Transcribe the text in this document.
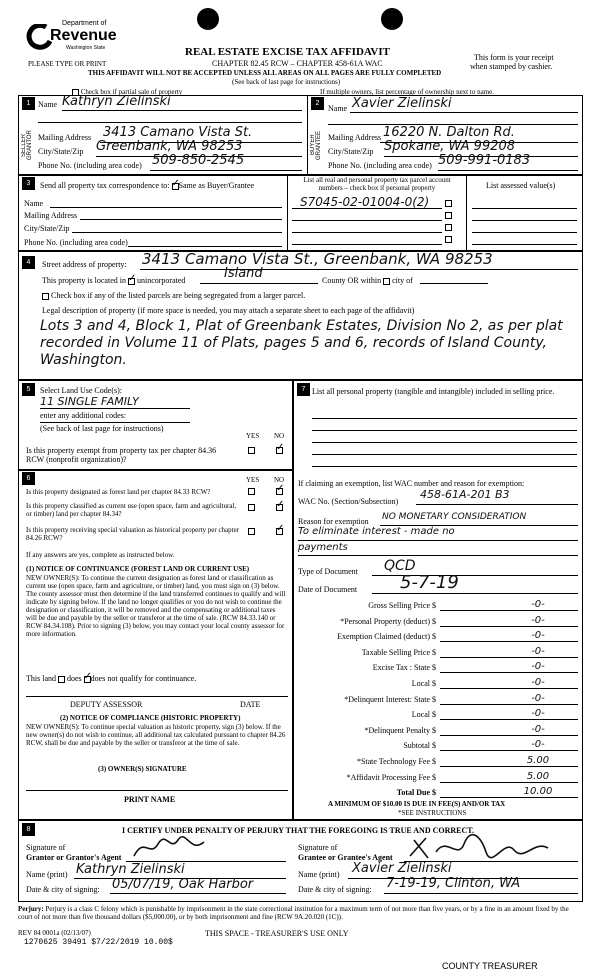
Department of
Revenue
Washington State
PLEASE TYPE OR PRINT
REAL ESTATE EXCISE TAX AFFIDAVIT
CHAPTER 82.45 RCW – CHAPTER 458-61A WAC
THIS AFFIDAVIT WILL NOT BE ACCEPTED UNLESS ALL AREAS ON ALL PAGES ARE FULLY COMPLETED
(See back of last page for instructions)
This form is your receipt
when stamped by cashier.
Check box if partial sale of property	If multiple owners, list percentage of ownership next to name.
1	2
SELLER GRANTOR	BUYER GRANTEE
Name Kathryn Zielinski
Mailing Address 3413 Camano Vista St.
City/State/Zip Greenbank, WA 98253
Phone No. (including area code) 509-850-2545
Name Xavier Zielinski
Mailing Address 16220 N. Dalton Rd.
City/State/Zip Spokane, WA 99208
Phone No. (including area code) 509-991-0183
3	Send all property tax correspondence to: ✓ Same as Buyer/Grantee
Name
Mailing Address
City/State/Zip
Phone No. (including area code)
List all real and personal property tax parcel account numbers – check box if personal property
S7045-02-01004-0(2)
List assessed value(s)
4	Street address of property: 3413 Camano Vista St., Greenbank, WA 98253
This property is located in ✓ unincorporated	Island	County OR within city of
Check box if any of the listed parcels are being segregated from a larger parcel.
Legal description of property (if more space is needed, you may attach a separate sheet to each page of the affidavit)
Lots 3 and 4, Block 1, Plat of Greenbank Estates, Division No 2, as per plat recorded in Volume 11 of Plats, pages 5 and 6, records of Island County, Washington.
5	Select Land Use Code(s):
11 SINGLE FAMILY
enter any additional codes:
(See back of last page for instructions)
YES NO
Is this property exempt from property tax per chapter 84.36 RCW (nonprofit organization)?
✓
6	YES NO
Is this property designated as forest land per chapter 84.33 RCW?
✓
Is this property classified as current use (open space, farm and agricultural, or timber) land per chapter 84.34?
✓
Is this property receiving special valuation as historical property per chapter 84.26 RCW?
✓
If any answers are yes, complete as instructed below.
(1) NOTICE OF CONTINUANCE (FOREST LAND OR CURRENT USE)
NEW OWNER(S): To continue the current designation as forest land or classification as current use (open space, farm and agriculture, or timber) land, you must sign on (3) below. The county assessor must then determine if the land transferred continues to qualify and will indicate by signing below. If the land no longer qualifies or you do not wish to continue the designation or classification, it will be removed and the compensating or additional taxes will be due and payable by the seller or transferor at the time of sale. (RCW 84.33.140 or RCW 84.34.108). Prior to signing (3) below, you may contact your local county assessor for more information.
This land does ✓ does not qualify for continuance.
DEPUTY ASSESSOR	DATE
(2) NOTICE OF COMPLIANCE (HISTORIC PROPERTY)
NEW OWNER(S): To continue special valuation as historic property, sign (3) below. If the new owner(s) do not wish to continue, all additional tax calculated pursuant to chapter 84.26 RCW, shall be due and payable by the seller or transferor at the time of sale.
(3) OWNER(S) SIGNATURE
PRINT NAME
7 List all personal property (tangible and intangible) included in selling price.
If claiming an exemption, list WAC number and reason for exemption:
WAC No. (Section/Subsection)
458-61A-201 B3
Reason for exemption NO MONETARY CONSIDERATION
To eliminate interest - made no
payments
Type of Document QCD
Date of Document 5-7-19
Gross Selling Price $	-0-
*Personal Property (deduct) $	-0-
Exemption Claimed (deduct) $	-0-
Taxable Selling Price $	-0-
Excise Tax : State $	-0-
Local $	-0-
*Delinquent Interest: State $	-0-
Local $	-0-
*Delinquent Penalty $	-0-
Subtotal $	-0-
*State Technology Fee $	5.00
*Affidavit Processing Fee $	5.00
Total Due $	10.00
A MINIMUM OF $10.00 IS DUE IN FEE(S) AND/OR TAX
*SEE INSTRUCTIONS
8	I CERTIFY UNDER PENALTY OF PERJURY THAT THE FOREGOING IS TRUE AND CORRECT.
Signature of
Grantor or Grantor's Agent
Name (print) Kathryn Zielinski
Date & city of signing: 05/07/19, Oak Harbor
Signature of
Grantee or Grantee's Agent
Name (print) Xavier Zielinski
Date & city of signing: 7-19-19, Clinton, WA
Perjury: Perjury is a class C felony which is punishable by imprisonment in the state correctional institution for a maximum term of not more than five years, or by a fine in an amount fixed by the court of not more than five thousand dollars ($5,000.00), or by both imprisonment and fine (RCW 9A.20.020 (1C)).
REV 84 0001a (02/13/07)
1270625 39491 $7/22/2019 10.00$
THIS SPACE - TREASURER'S USE ONLY
COUNTY TREASURER
